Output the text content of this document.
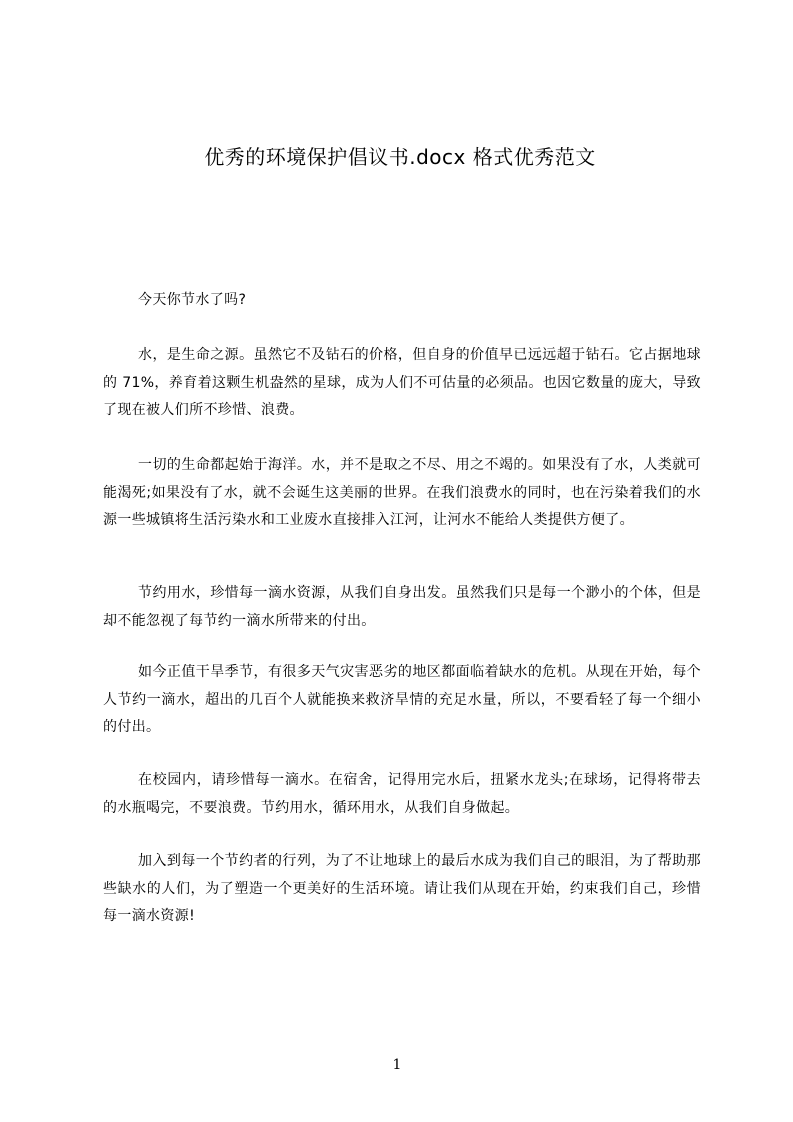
优秀的环境保护倡议书.docx 格式优秀范文

今天你节水了吗?

水，是生命之源。虽然它不及钻石的价格，但自身的价值早已远远超于钻石。它占据地球的 71%，养育着这颗生机盎然的星球，成为人们不可估量的必须品。也因它数量的庞大，导致了现在被人们所不珍惜、浪费。

一切的生命都起始于海洋。水，并不是取之不尽、用之不竭的。如果没有了水，人类就可能渴死;如果没有了水，就不会诞生这美丽的世界。在我们浪费水的同时，也在污染着我们的水源一些城镇将生活污染水和工业废水直接排入江河，让河水不能给人类提供方便了。

节约用水，珍惜每一滴水资源，从我们自身出发。虽然我们只是每一个渺小的个体，但是却不能忽视了每节约一滴水所带来的付出。

如今正值干旱季节，有很多天气灾害恶劣的地区都面临着缺水的危机。从现在开始，每个人节约一滴水，超出的几百个人就能换来救济旱情的充足水量，所以，不要看轻了每一个细小的付出。

在校园内，请珍惜每一滴水。在宿舍，记得用完水后，扭紧水龙头;在球场，记得将带去的水瓶喝完，不要浪费。节约用水，循环用水，从我们自身做起。

加入到每一个节约者的行列，为了不让地球上的最后水成为我们自己的眼泪，为了帮助那些缺水的人们，为了塑造一个更美好的生活环境。请让我们从现在开始，约束我们自己，珍惜每一滴水资源!

1
